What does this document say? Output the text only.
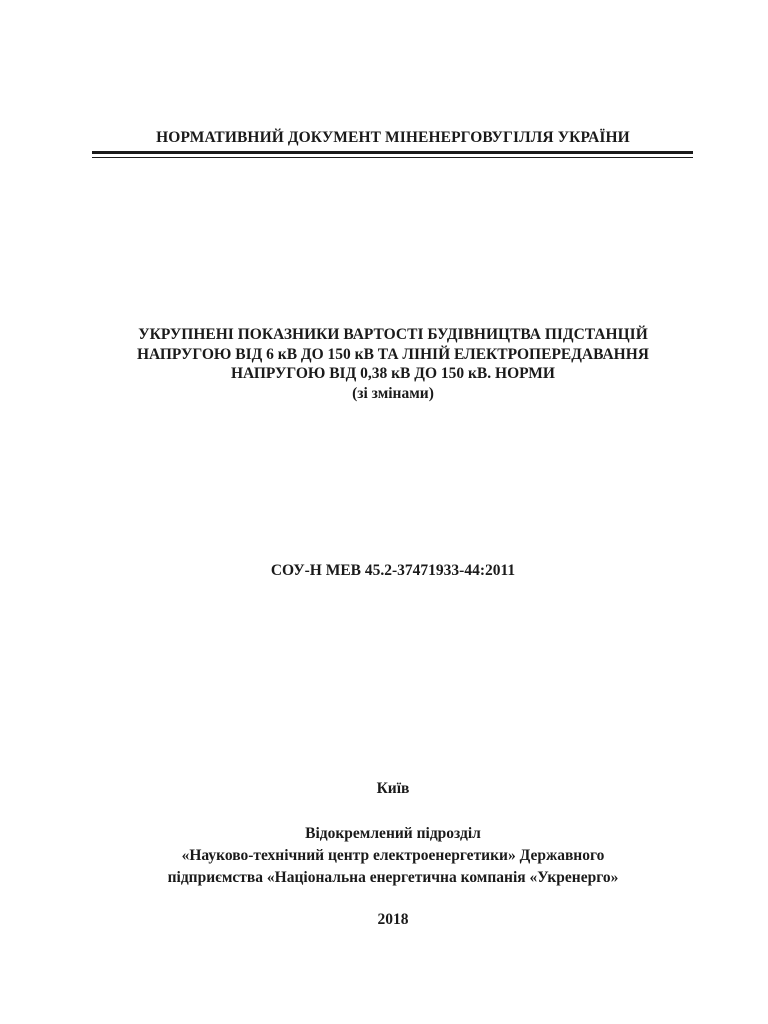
НОРМАТИВНИЙ ДОКУМЕНТ МІНЕНЕРГОВУГІЛЛЯ УКРАЇНИ
УКРУПНЕНІ ПОКАЗНИКИ ВАРТОСТІ БУДІВНИЦТВА ПІДСТАНЦІЙ
НАПРУГОЮ ВІД 6 кВ ДО 150 кВ ТА ЛІНІЙ ЕЛЕКТРОПЕРЕДАВАННЯ
НАПРУГОЮ ВІД 0,38 кВ ДО 150 кВ. НОРМИ
(зі змінами)
СОУ-Н МЕВ 45.2-37471933-44:2011
Київ
Відокремлений підрозділ
«Науково-технічний центр електроенергетики» Державного
підприємства «Національна енергетична компанія «Укренерго»
2018
